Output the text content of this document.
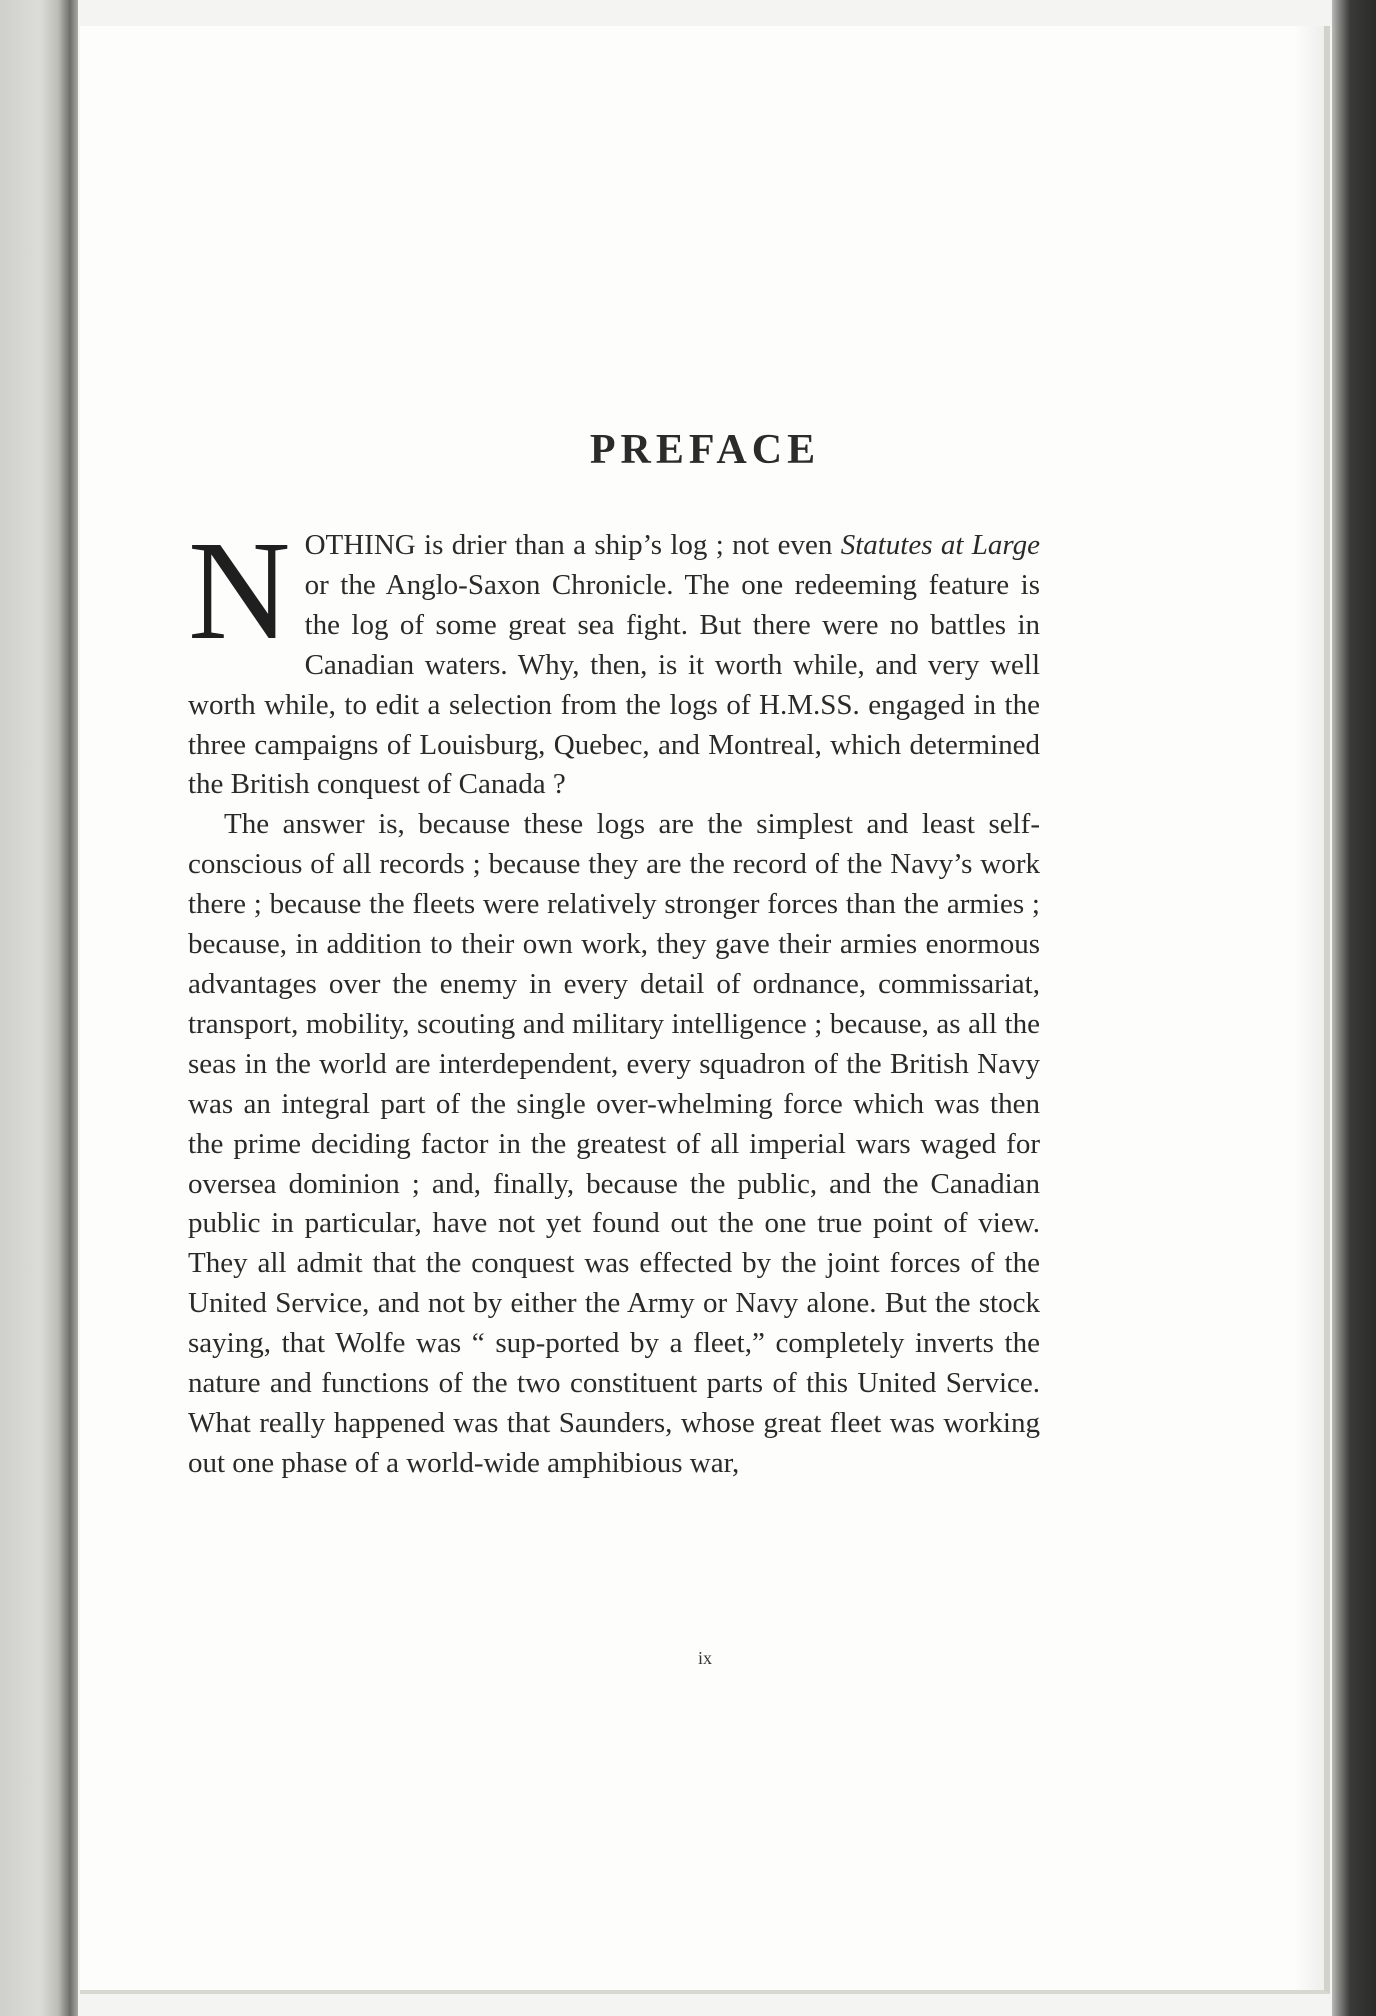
PREFACE

NOTHING is drier than a ship’s log ; not even Statutes at Large or the Anglo-Saxon Chronicle. The one redeeming feature is the log of some great sea fight. But there were no battles in Canadian waters. Why, then, is it worth while, and very well worth while, to edit a selection from the logs of H.M.SS. engaged in the three campaigns of Louisburg, Quebec, and Montreal, which determined the British conquest of Canada ?

The answer is, because these logs are the simplest and least self-conscious of all records ; because they are the record of the Navy’s work there ; because the fleets were relatively stronger forces than the armies ; because, in addition to their own work, they gave their armies enormous advantages over the enemy in every detail of ordnance, commissariat, transport, mobility, scouting and military intelligence ; because, as all the seas in the world are interdependent, every squadron of the British Navy was an integral part of the single over-whelming force which was then the prime deciding factor in the greatest of all imperial wars waged for oversea dominion ; and, finally, because the public, and the Canadian public in particular, have not yet found out the one true point of view. They all admit that the conquest was effected by the joint forces of the United Service, and not by either the Army or Navy alone. But the stock saying, that Wolfe was “ sup-ported by a fleet,” completely inverts the nature and functions of the two constituent parts of this United Service. What really happened was that Saunders, whose great fleet was working out one phase of a world-wide amphibious war,

ix
